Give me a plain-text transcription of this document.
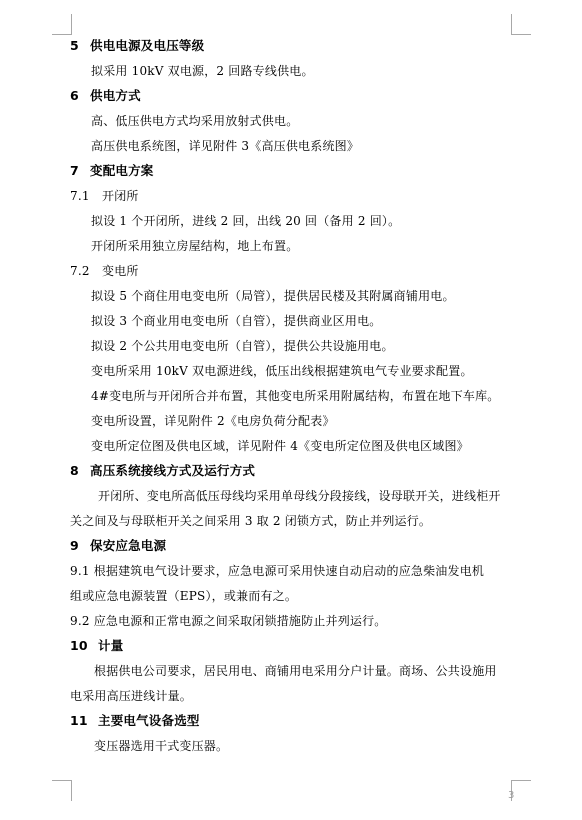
5 供电电源及电压等级
拟采用 10kV 双电源，2 回路专线供电。
6 供电方式
高、低压供电方式均采用放射式供电。
高压供电系统图，详见附件 3《高压供电系统图》
7 变配电方案
7.1 开闭所
拟设 1 个开闭所，进线 2 回，出线 20 回（备用 2 回）。
开闭所采用独立房屋结构，地上布置。
7.2 变电所
拟设 5 个商住用电变电所（局管），提供居民楼及其附属商铺用电。
拟设 3 个商业用电变电所（自管），提供商业区用电。
拟设 2 个公共用电变电所（自管），提供公共设施用电。
变电所采用 10kV 双电源进线，低压出线根据建筑电气专业要求配置。
4#变电所与开闭所合并布置，其他变电所采用附属结构，布置在地下车库。
变电所设置，详见附件 2《电房负荷分配表》
变电所定位图及供电区域，详见附件 4《变电所定位图及供电区域图》
8 高压系统接线方式及运行方式
开闭所、变电所高低压母线均采用单母线分段接线，设母联开关，进线柜开
关之间及与母联柜开关之间采用 3 取 2 闭锁方式，防止并列运行。
9 保安应急电源
9.1 根据建筑电气设计要求，应急电源可采用快速自动启动的应急柴油发电机
组或应急电源装置（EPS），或兼而有之。
9.2 应急电源和正常电源之间采取闭锁措施防止并列运行。
10 计量
根据供电公司要求，居民用电、商铺用电采用分户计量。商场、公共设施用
电采用高压进线计量。
11 主要电气设备选型
变压器选用干式变压器。
3
